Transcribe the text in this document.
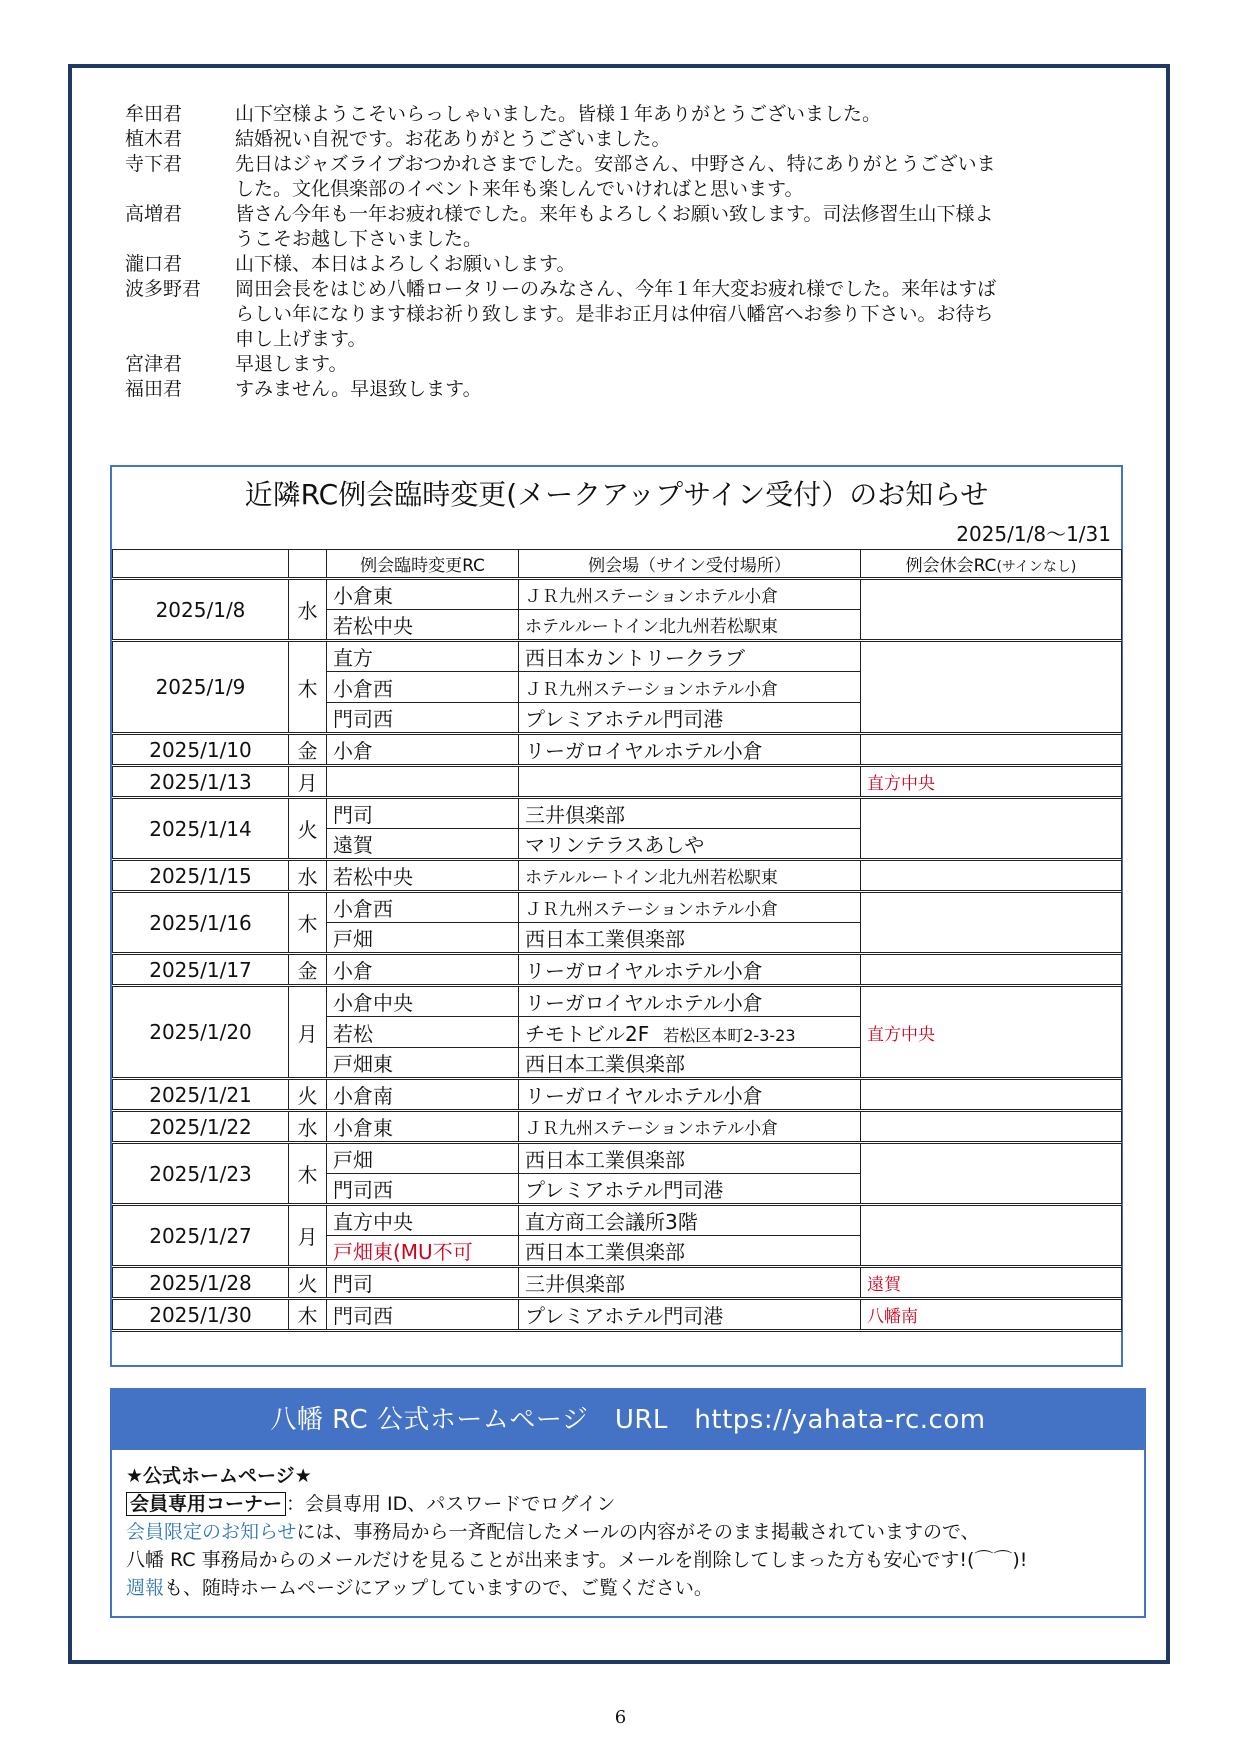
牟田君	山下空様ようこそいらっしゃいました。皆様１年ありがとうございました。
植木君	結婚祝い自祝です。お花ありがとうございました。
寺下君	先日はジャズライブおつかれさまでした。安部さん、中野さん、特にありがとうございま
した。文化倶楽部のイベント来年も楽しんでいければと思います。
高増君	皆さん今年も一年お疲れ様でした。来年もよろしくお願い致します。司法修習生山下様よ
うこそお越し下さいました。
瀧口君	山下様、本日はよろしくお願いします。
波多野君	岡田会長をはじめ八幡ロータリーのみなさん、今年１年大変お疲れ様でした。来年はすば
らしい年になります様お祈り致します。是非お正月は仲宿八幡宮へお参り下さい。お待ち
申し上げます。
宮津君	早退します。
福田君	すみません。早退致します。
近隣RC例会臨時変更(メークアップサイン受付）のお知らせ
2025/1/8～1/31
		例会臨時変更RC	例会場（サイン受付場所）	例会休会RC(サインなし)
2025/1/8	水	小倉東	ＪＲ九州ステーションホテル小倉	
		若松中央	ホテルルートイン北九州若松駅東	
2025/1/9	木	直方	西日本カントリークラブ	
		小倉西	ＪＲ九州ステーションホテル小倉	
		門司西	プレミアホテル門司港	
2025/1/10	金	小倉	リーガロイヤルホテル小倉	
2025/1/13	月			直方中央
2025/1/14	火	門司	三井倶楽部	
		遠賀	マリンテラスあしや	
2025/1/15	水	若松中央	ホテルルートイン北九州若松駅東	
2025/1/16	木	小倉西	ＪＲ九州ステーションホテル小倉	
		戸畑	西日本工業倶楽部	
2025/1/17	金	小倉	リーガロイヤルホテル小倉	
2025/1/20	月	小倉中央	リーガロイヤルホテル小倉	直方中央
		若松	チモトビル2F 若松区本町2-3-23	
		戸畑東	西日本工業倶楽部	
2025/1/21	火	小倉南	リーガロイヤルホテル小倉	
2025/1/22	水	小倉東	ＪＲ九州ステーションホテル小倉	
2025/1/23	木	戸畑	西日本工業倶楽部	
		門司西	プレミアホテル門司港	
2025/1/27	月	直方中央	直方商工会議所3階	
		戸畑東(MU不可	西日本工業倶楽部	
2025/1/28	火	門司	三井倶楽部	遠賀
2025/1/30	木	門司西	プレミアホテル門司港	八幡南
八幡 RC 公式ホームページ　URL　https://yahata-rc.com
★公式ホームページ★
会員専用コーナー ：会員専用 ID、パスワードでログイン
会員限定のお知らせには、事務局から一斉配信したメールの内容がそのまま掲載されていますので、
八幡 RC 事務局からのメールだけを見ることが出来ます。メールを削除してしまった方も安心です!(⌒⌒)!
週報も、随時ホームページにアップしていますので、ご覧ください。
6
